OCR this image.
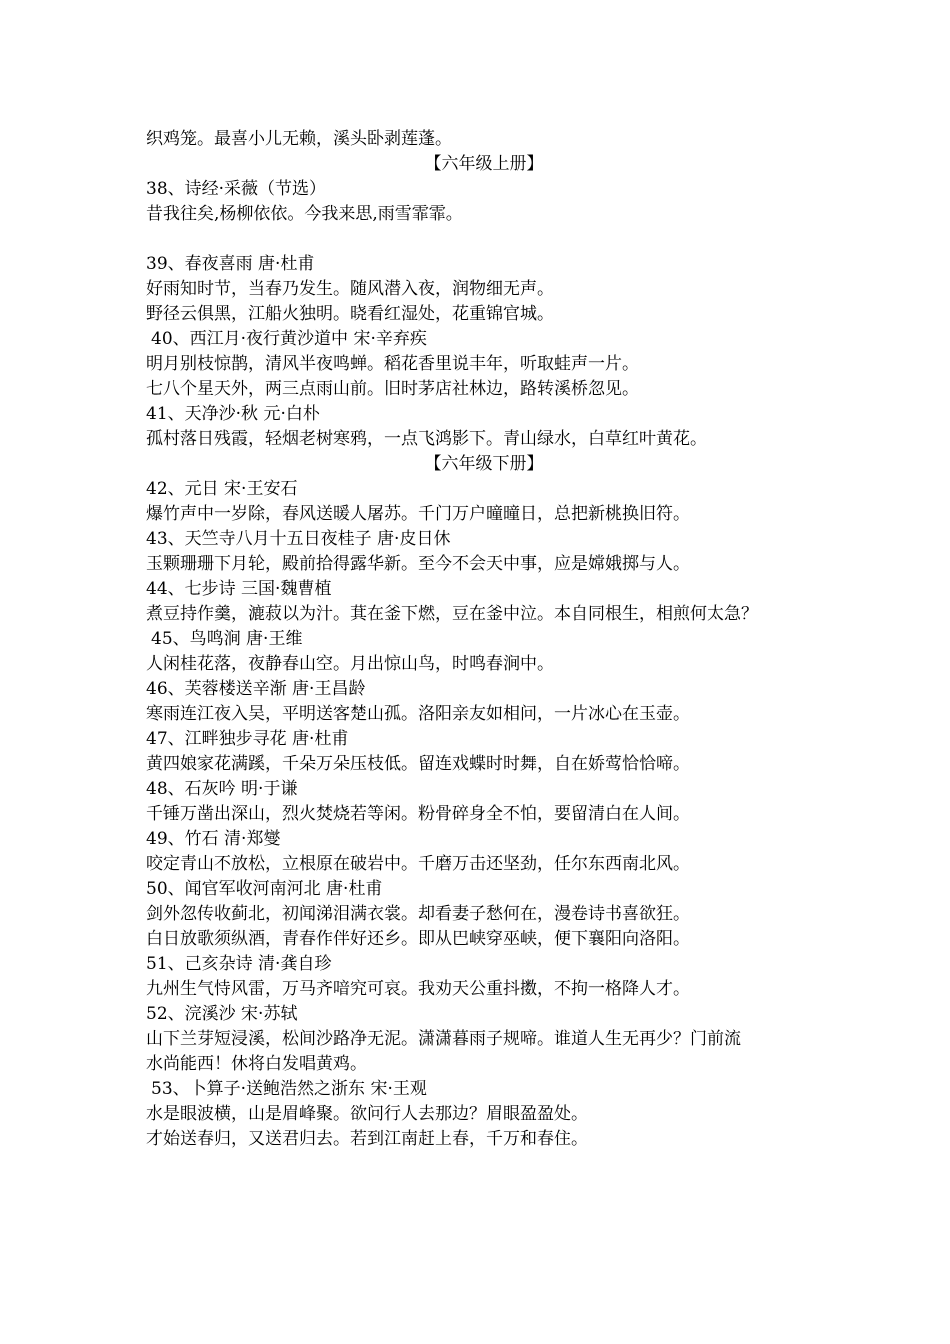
织鸡笼。最喜小儿无赖，溪头卧剥莲蓬。
【六年级上册】
38、诗经·采薇（节选）
昔我往矣,杨柳依依。今我来思,雨雪霏霏。
39、春夜喜雨 唐·杜甫
好雨知时节，当春乃发生。随风潜入夜，润物细无声。
野径云俱黑，江船火独明。晓看红湿处，花重锦官城。
40、西江月·夜行黄沙道中 宋·辛弃疾
明月别枝惊鹊，清风半夜鸣蝉。稻花香里说丰年，听取蛙声一片。
七八个星天外，两三点雨山前。旧时茅店社林边，路转溪桥忽见。
41、天净沙·秋 元·白朴
孤村落日残霞，轻烟老树寒鸦，一点飞鸿影下。青山绿水，白草红叶黄花。
【六年级下册】
42、元日 宋·王安石
爆竹声中一岁除，春风送暖人屠苏。千门万户曈曈日，总把新桃换旧符。
43、天竺寺八月十五日夜桂子 唐·皮日休
玉颗珊珊下月轮，殿前拾得露华新。至今不会天中事，应是嫦娥掷与人。
44、七步诗 三国·魏曹植
煮豆持作羹，漉菽以为汁。萁在釜下燃，豆在釜中泣。本自同根生，相煎何太急？
45、鸟鸣涧 唐·王维
人闲桂花落，夜静春山空。月出惊山鸟，时鸣春涧中。
46、芙蓉楼送辛渐 唐·王昌龄
寒雨连江夜入吴，平明送客楚山孤。洛阳亲友如相问，一片冰心在玉壶。
47、江畔独步寻花 唐·杜甫
黄四娘家花满蹊，千朵万朵压枝低。留连戏蝶时时舞，自在娇莺恰恰啼。
48、石灰吟 明·于谦
千锤万凿出深山，烈火焚烧若等闲。粉骨碎身全不怕，要留清白在人间。
49、竹石 清·郑燮
咬定青山不放松，立根原在破岩中。千磨万击还坚劲，任尔东西南北风。
50、闻官军收河南河北 唐·杜甫
剑外忽传收蓟北，初闻涕泪满衣裳。却看妻子愁何在，漫卷诗书喜欲狂。
白日放歌须纵酒，青春作伴好还乡。即从巴峡穿巫峡，便下襄阳向洛阳。
51、己亥杂诗 清·龚自珍
九州生气恃风雷，万马齐喑究可哀。我劝天公重抖擞，不拘一格降人才。
52、浣溪沙 宋·苏轼
山下兰芽短浸溪，松间沙路净无泥。潇潇暮雨子规啼。谁道人生无再少？门前流
水尚能西！休将白发唱黄鸡。
53、卜算子·送鲍浩然之浙东 宋·王观
水是眼波横，山是眉峰聚。欲问行人去那边？眉眼盈盈处。
才始送春归，又送君归去。若到江南赶上春，千万和春住。
